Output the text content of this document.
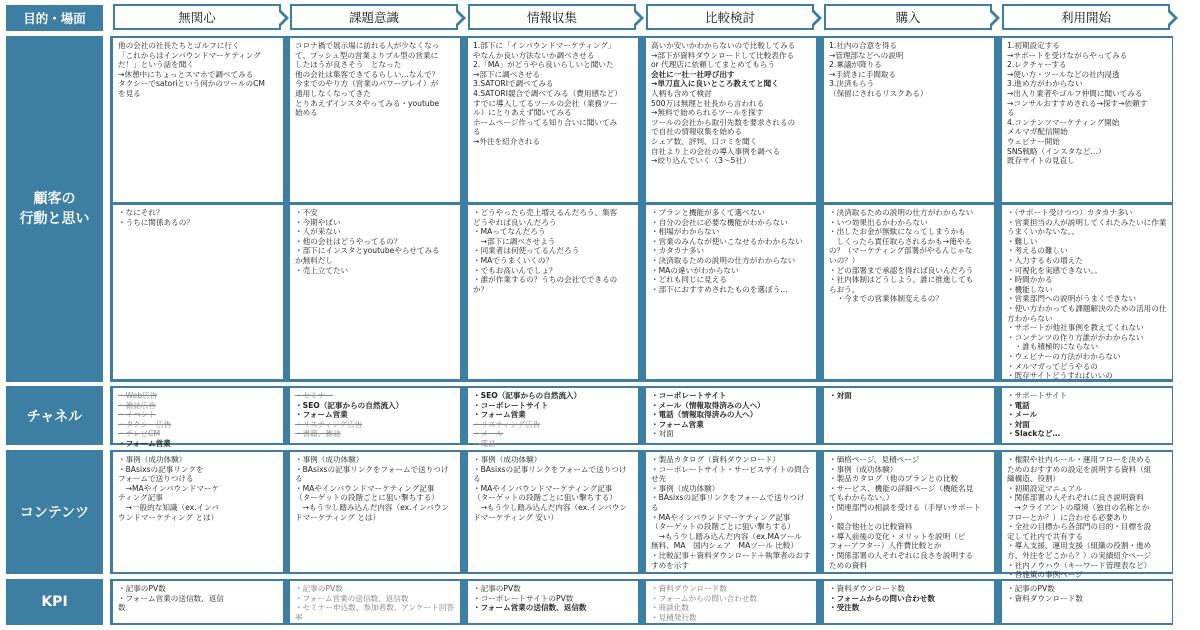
目的・場面
顧客の
行動と思い
チャネル
コンテンツ
KPI
無関心
他の会社の社長たちとゴルフに行く
「これからはインバウンドマーケティング
だ！」という話を聞く
→休憩中にちょっとスマホで調べてみる
タクシーでsatoriという何かのツールのCM
を見る
・なにそれ？
・うちに関係あるの？
・Web広告
・雑誌広告
・イベント
・タクシー広告
・テレビCM
・フォーム営業
・事例（成功体験）
・BAsixsの記事リンクを
フォームで送りつける
　→MAやインバウンドマーケ
ティング記事
　→一般的な知識（ex.インバ
ウンドマーケティング とは）
・記事のPV数
・フォーム営業の送信数、返信
数
課題意識
コロナ禍で展示場に訪れる人が少なくなっ
て、プッシュ型の営業よりプル型の営業に
したほうが良さそう　となった
他の会社は集客できてるらしい…なんで？
今までのやり方（営業のパワープレイ）が
通用しなくなってきた
とりあえずインスタやってみる・youtube
始める
・不安
・今期やばい
・人が来ない
・他の会社はどうやってるの？
・部下にインスタとyoutubeやらせてみる
か無料だし
・売上立てたい
・セミナー
・SEO（記事からの自然流入）
・フォーム営業
・リスティング広告
・書籍、雑誌
・事例（成功体験）
・BAsixsの記事リンクをフォームで送りつけ
る
・MAやインバウンドマーケティング記事
（ターゲットの段階ごとに狙い撃ちする）
　→もう少し踏み込んだ内容（ex.インバウン
ドマーケティング とは）
・記事のPV数
・フォーム営業の送信数、返信数
・セミナー申込数、参加者数、アンケート回答率
情報収集
1.部下に「インバウンドマーケティング」
やなんか良い方法ないか調べさせる
2.「MA」がどうやら良いらしいと聞いた
→部下に調べさせる
3.SATORIで調べてみる
4.SATORI競合で調べてみる（費用感など）
すでに導入してるツールの会社（業務ツー
ル）にとりあえず聞いてみる
ホームページ作ってる知り合いに聞いてみ
る
→外注を紹介される
・どうやったら売上増えるんだろう、集客
どうやれば良いんだろう
・MAってなんだろう
　→部下に調べさせよう
・同業者は何使ってるんだろう
・MAでうまくいくの？
・でもお高いんでしょ？
・誰が作業するの？うちの会社でできるの
か？
・SEO（記事からの自然流入）
・コーポレートサイト
・フォーム営業
・リスティング広告
・メール
・電話
・事例（成功体験）
・BAsixsの記事リンクをフォームで送りつけ
る
・MAやインバウンドマーケティング記事
（ターゲットの段階ごとに狙い撃ちする）
　→もう少し踏み込んだ内容（ex.インバウン
ドマーケティング 安い）
・記事のPV数
・コーポレートサイトのPV数
・フォーム営業の送信数、返信数
比較検討
高いか安いかわからないので比較してみる
→部下が資料ダウンロードして比較表作る
or 代理店に依頼してまとめてもらう
会社に一社一社呼び出す
→単刀直入に良いところ教えてと聞く
人柄も含めて検討
500万は無理と社長から言われる
→無料で始められるツールを探す
ツールの会社から取引先数を要求されるの
で自社の情報収集を始める
シェア数、評判、口コミを聞く
自社より上の会社の導入事例を調べる
→絞り込んでいく（3〜5社）
・プランと機能が多くて選べない
・自分の会社に必要な機能がわからない
・相場がわからない
・営業のみんなが使いこなせるかわからない
・カタカナ多い
・決済取るための説明の仕方がわからない
・MAの違いがわからない
・どれも同じに見える
・部下におすすめされたものを選ぼう…
・コーポレートサイト
・メール（情報取得済みの人へ）
・電話（情報取得済みの人へ）
・フォーム営業
・対面
・製品カタログ（資料ダウンロード）
・コーポレートサイト・サービスサイトの問合
せ先
・事例（成功体験）
・BAsixsの記事リンクをフォームで送りつける
・MAやインバウンドマーケティング記事
（ターゲットの段階ごとに狙い撃ちする）
　→もう少し踏み込んだ内容（ex.MAツール
無料、MA　国内シェア　MAツール 比較）
・比較記事＋資料ダウンロード＋執筆者のおす
すめを示す
・資料ダウンロード数
・フォームからの問い合わせ数
・商談化数
・見積発行数
購入
1.社内の合意を得る
→管理部などへの説明
2.稟議が降りる
→手続きに手間取る
3.決済もらう
（保留にされるリスクある）
・決済取るための説明の仕方がわからない
・いつ効果出るかわからない
・出したお金が無駄になってしまうかも
　しくったら責任取らされるかも→俺やる
の？（マーケティング部署がやるんじゃな
いの？）
・どの部署まで承認を得れば良いんだろう
・社内体制はどうしよう。誰に推進しても
らおう。
　・今までの営業体制変えるの？
・対面
・価格ページ、見積ページ
・事例（成功体験）
・製品カタログ（他のプランとの比較
・サービス、機能の詳細ページ（機能名見
てもわからない。）
・関連部門の相談を受ける（手厚いサポート
）
・競合他社との比較資料
・導入前後の変化・メリットを説明（ビ
フォーアフター）人件費比較とか
・関係部署の人それぞれに良さを説明する
ための資料
・資料ダウンロード数
・フォームからの問い合わせ数
・受注数
利用開始
1.初期設定する
→サポートを受けながらやってみる
2.レクチャーする
→使い方・ツールなどの社内浸透
3.進め方がわからない
→出入り業者やゴルフ仲間に聞いてみる
→コンサルおすすめされる→探す→依頼す
る
4.コンテンツマーケティング開始
メルマガ配信開始
ウェビナー開始
SNS戦略（インスタなど…）
既存サイトの見直し
・（サポート受けつつ）カタカナ多い
・営業担当の人が説明してくれたみたいに作業
うまくいかないな。。
・難しい
・考えるの難しい
・入力するもの増えた
・可視化を実感できない。。
・時間かかる
・機能しない
・営業部門への説明がうまくできない
・使い方わかっても課題解決のための活用の仕
方わからない
・サポートが他社事例を教えてくれない
・コンテンツの作り方誰がかわからない
　・誰も積極的にならない
・ウェビナーの方法がわからない
・メルマガってどうやるの
・既存サイトどうすればいいの
・サポートサイト
・電話
・メール
・対面
・Slackなど…
・権限や社内ルール・運用フローを決める
ためのおすすめの設定を説明する資料（組
織構造、役割）
・初期設定マニュアル
・関係部署の人それぞれに良さ説明資料
　→クライアントの環境（独自の名称とか
フローとか？）に合わせる必要あり
・全社の目標から各部門の目的・目標を設
定して社内で共有する
・導入支援、運用支援（組織の役割・進め
方、外注をどこから？）の実績紹介ページ
・社内ノウハウ（キーワード管理表など）
・各施策の事例ページ
・記事のPV数
・資料ダウンロード数
